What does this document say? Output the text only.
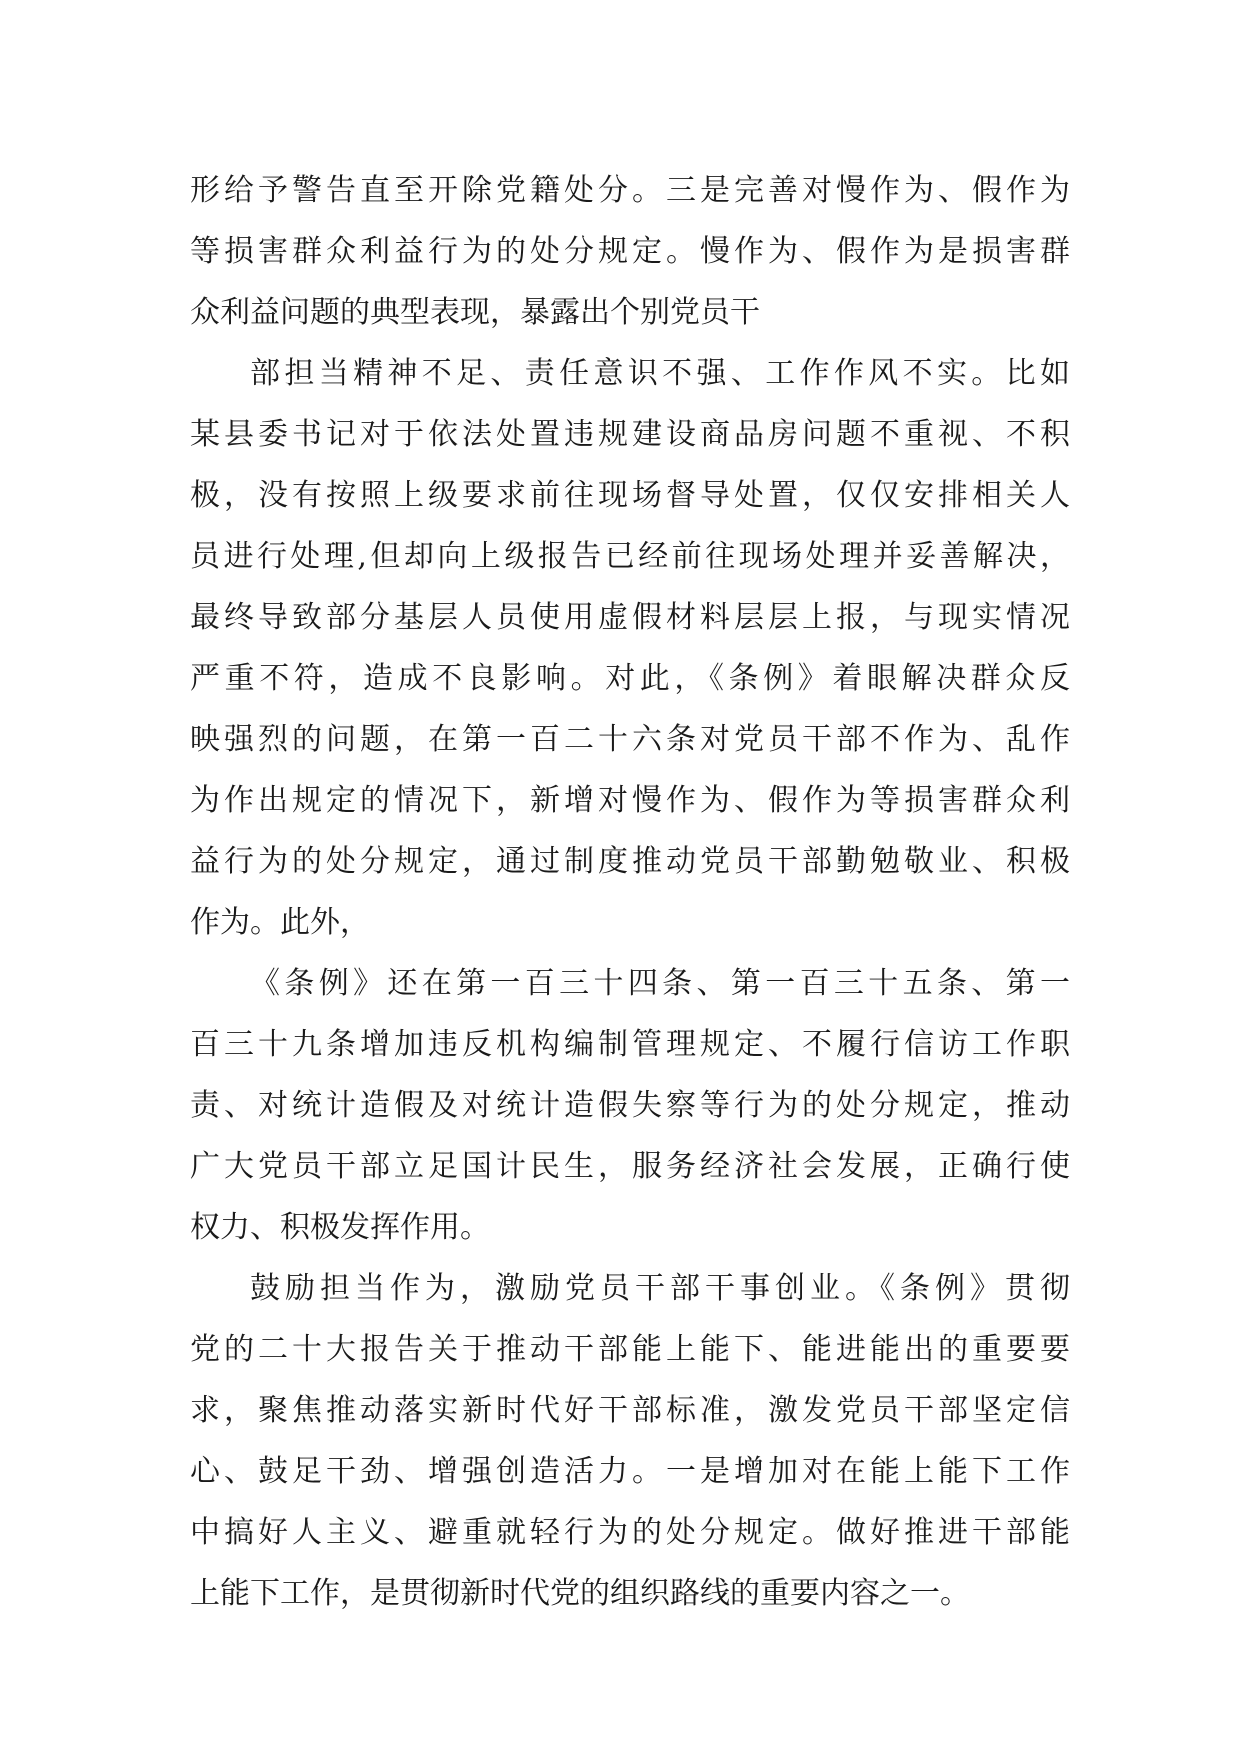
形给予警告直至开除党籍处分。三是完善对慢作为、假作为
等损害群众利益行为的处分规定。慢作为、假作为是损害群
众利益问题的典型表现，暴露出个别党员干
部担当精神不足、责任意识不强、工作作风不实。比如
某县委书记对于依法处置违规建设商品房问题不重视、不积
极，没有按照上级要求前往现场督导处置，仅仅安排相关人
员进行处理,但却向上级报告已经前往现场处理并妥善解决，
最终导致部分基层人员使用虚假材料层层上报，与现实情况
严重不符，造成不良影响。对此，《条例》着眼解决群众反
映强烈的问题，在第一百二十六条对党员干部不作为、乱作
为作出规定的情况下，新增对慢作为、假作为等损害群众利
益行为的处分规定，通过制度推动党员干部勤勉敬业、积极
作为。此外，
《条例》还在第一百三十四条、第一百三十五条、第一
百三十九条增加违反机构编制管理规定、不履行信访工作职
责、对统计造假及对统计造假失察等行为的处分规定，推动
广大党员干部立足国计民生，服务经济社会发展，正确行使
权力、积极发挥作用。
鼓励担当作为，激励党员干部干事创业。《条例》贯彻
党的二十大报告关于推动干部能上能下、能进能出的重要要
求，聚焦推动落实新时代好干部标准，激发党员干部坚定信
心、鼓足干劲、增强创造活力。一是增加对在能上能下工作
中搞好人主义、避重就轻行为的处分规定。做好推进干部能
上能下工作，是贯彻新时代党的组织路线的重要内容之一。
